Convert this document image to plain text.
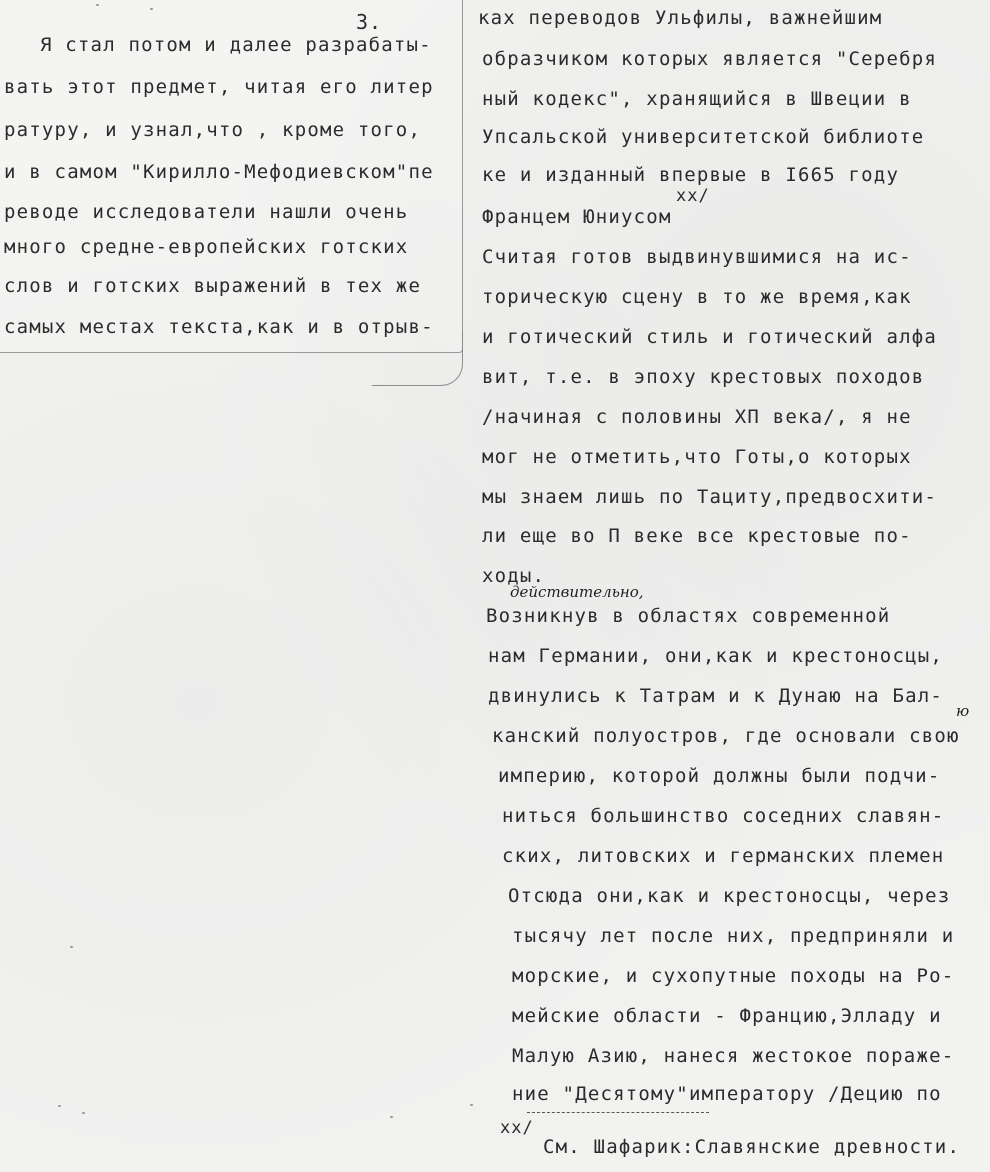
3.
Я стал потом и далее разрабаты-
вать этот предмет, читая его литер
ратуру, и узнал,что , кроме того,
и в самом "Кирилло-Мефодиевском"пе
реводе исследователи нашли очень
много средне-европейских готских
слов и готских выражений в тех же
самых местах текста,как и в отрыв-
ках переводов Ульфилы, важнейшим
образчиком которых является "Серебря
ный кодекс", хранящийся в Швеции в
Упсальской университетской библиоте
ке и изданный впервые в I665 году
Францем Юниусом
Считая готов выдвинувшимися на ис-
торическую сцену в то же время,как
и готический стиль и готический алфа
вит, т.е. в эпоху крестовых походов
/начиная с половины ХП века/, я не
мог не отметить,что Готы,о которых
мы знаем лишь по Тациту,предвосхити-
ли еще во П веке все крестовые по-
ходы.
Возникнув в областях современной
нам Германии, они,как и крестоносцы,
двинулись к Татрам и к Дунаю на Бал-
канский полуостров, где основали свою
империю, которой должны были подчи-
ниться большинство соседних славян-
ских, литовских и германских племен
Отсюда они,как и крестоносцы, через
тысячу лет после них, предприняли и
морские, и сухопутные походы на Ро-
мейские области - Францию,Элладу и
Малую Азию, нанеся жестокое пораже-
ние "Десятому"императору /Децию по
xx/
действительно,
ю
xx/
См. Шафарик:Славянские древности.
